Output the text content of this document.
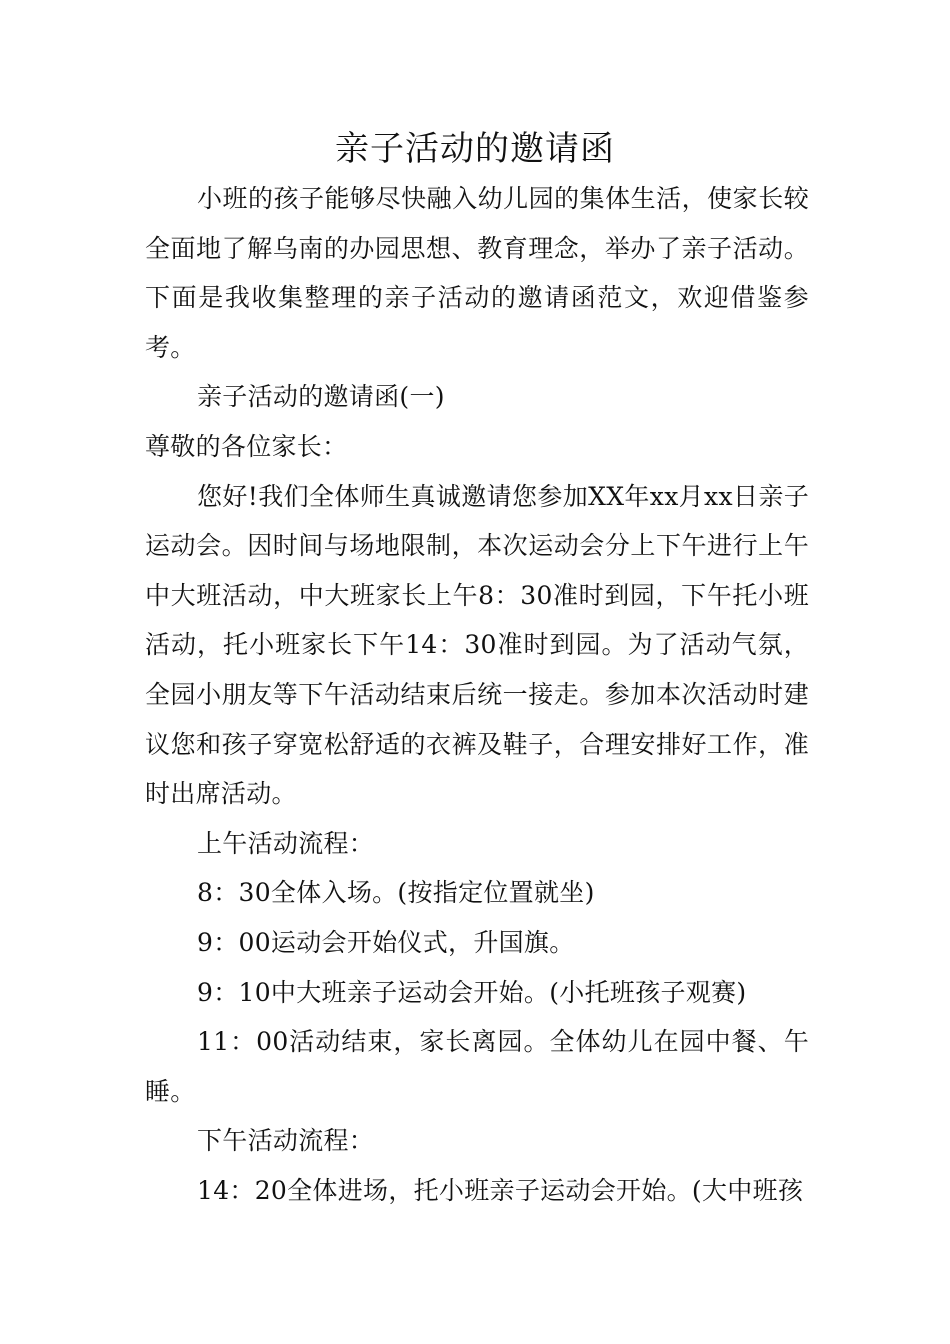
亲子活动的邀请函

小班的孩子能够尽快融入幼儿园的集体生活，使家长较全面地了解乌南的办园思想、教育理念，举办了亲子活动。下面是我收集整理的亲子活动的邀请函范文，欢迎借鉴参考。

亲子活动的邀请函(一)

尊敬的各位家长：

您好!我们全体师生真诚邀请您参加XX年xx月xx日亲子运动会。因时间与场地限制，本次运动会分上下午进行上午中大班活动，中大班家长上午8：30准时到园，下午托小班活动，托小班家长下午14：30准时到园。为了活动气氛，全园小朋友等下午活动结束后统一接走。参加本次活动时建议您和孩子穿宽松舒适的衣裤及鞋子，合理安排好工作，准时出席活动。

上午活动流程：

8：30全体入场。(按指定位置就坐)

9：00运动会开始仪式，升国旗。

9：10中大班亲子运动会开始。(小托班孩子观赛)

11：00活动结束，家长离园。全体幼儿在园中餐、午睡。

下午活动流程：

14：20全体进场，托小班亲子运动会开始。(大中班孩
